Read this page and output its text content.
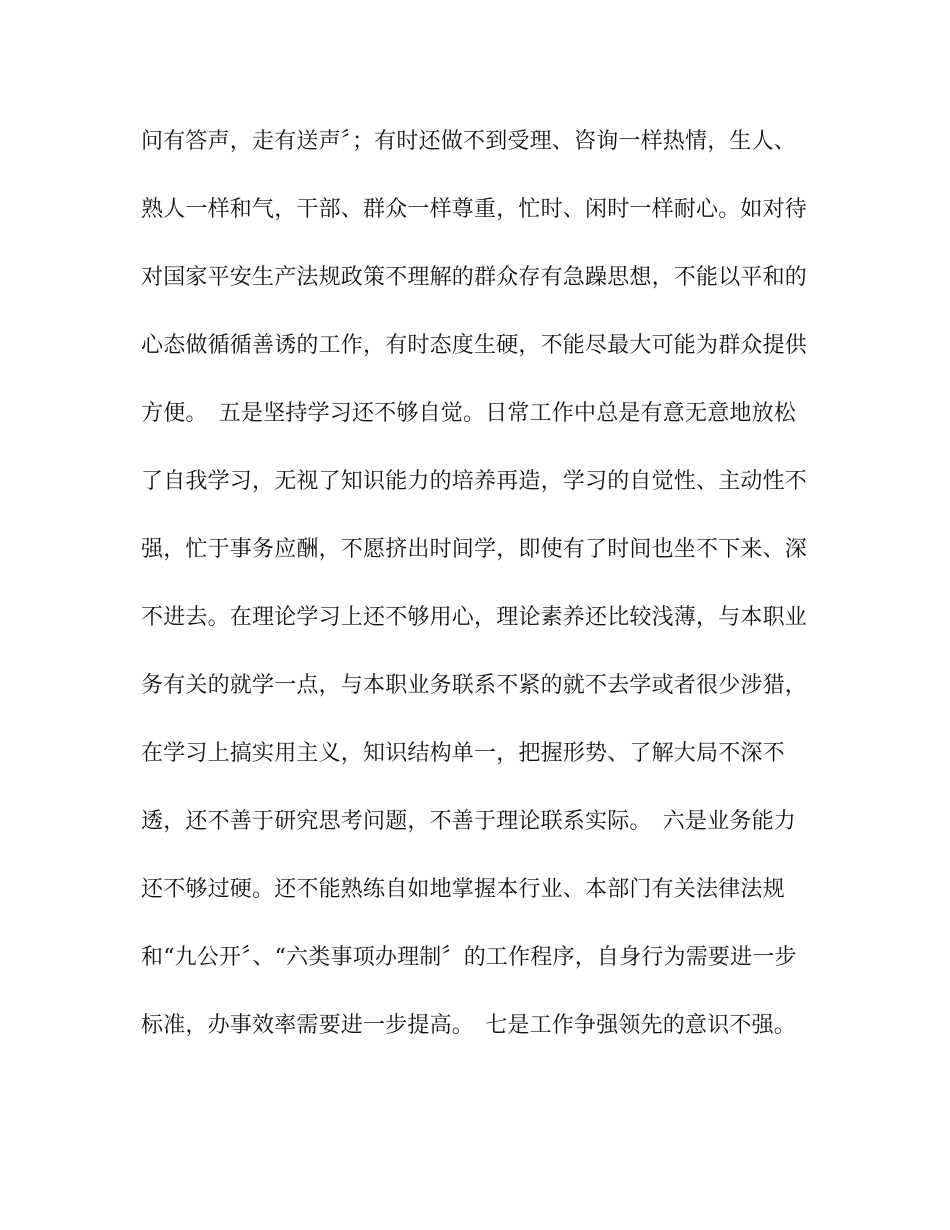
问有答声，走有送声〞；有时还做不到受理、咨询一样热情，生人、
熟人一样和气，干部、群众一样尊重，忙时、闲时一样耐心。如对待
对国家平安生产法规政策不理解的群众存有急躁思想，不能以平和的
心态做循循善诱的工作，有时态度生硬，不能尽最大可能为群众提供
方便。　五是坚持学习还不够自觉。日常工作中总是有意无意地放松
了自我学习，无视了知识能力的培养再造，学习的自觉性、主动性不
强，忙于事务应酬，不愿挤出时间学，即使有了时间也坐不下来、深
不进去。在理论学习上还不够用心，理论素养还比较浅薄，与本职业
务有关的就学一点，与本职业务联系不紧的就不去学或者很少涉猎，
在学习上搞实用主义，知识结构单一，把握形势、了解大局不深不
透，还不善于研究思考问题，不善于理论联系实际。　六是业务能力
还不够过硬。还不能熟练自如地掌握本行业、本部门有关法律法规
和“九公开〞、“六类事项办理制〞的工作程序，自身行为需要进一步
标准，办事效率需要进一步提高。　七是工作争强领先的意识不强。
